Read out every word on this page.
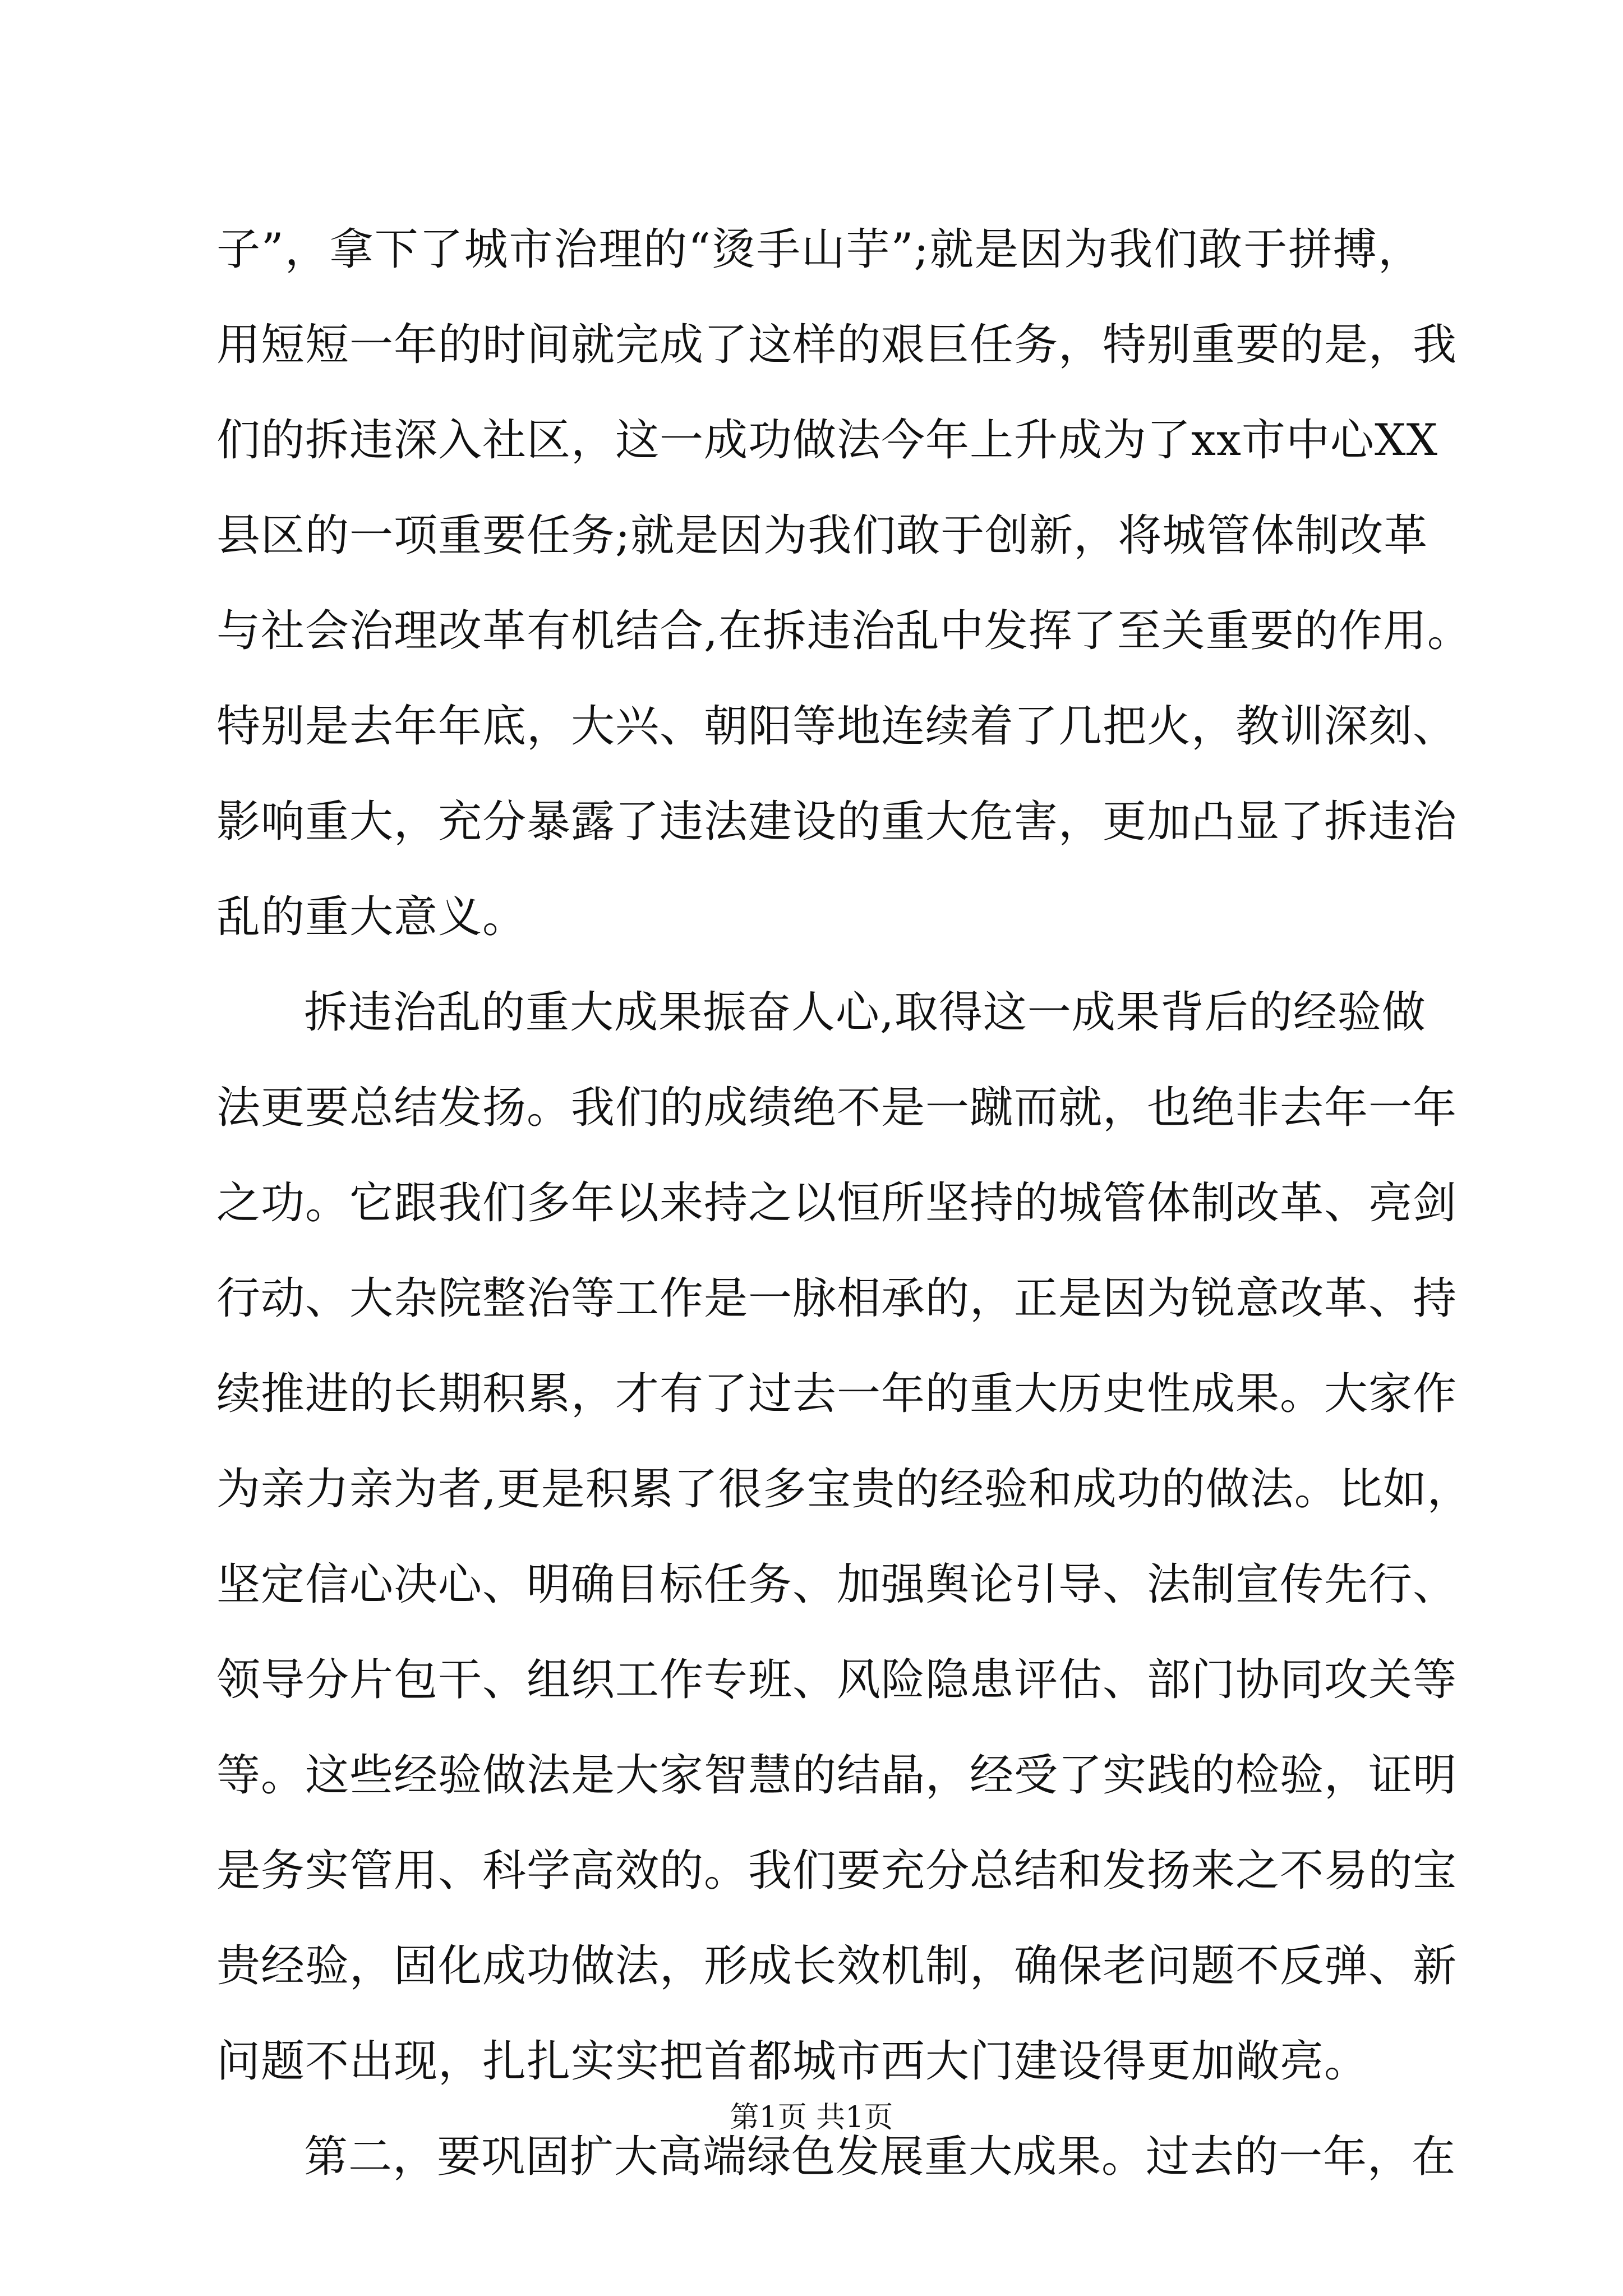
子”，拿下了城市治理的“烫手山芋”;就是因为我们敢于拼搏，
用短短一年的时间就完成了这样的艰巨任务，特别重要的是，我
们的拆违深入社区，这一成功做法今年上升成为了xx市中心XX
县区的一项重要任务;就是因为我们敢于创新，将城管体制改革
与社会治理改革有机结合,在拆违治乱中发挥了至关重要的作用。
特别是去年年底，大兴、朝阳等地连续着了几把火，教训深刻、
影响重大，充分暴露了违法建设的重大危害，更加凸显了拆违治
乱的重大意义。
拆违治乱的重大成果振奋人心,取得这一成果背后的经验做
法更要总结发扬。我们的成绩绝不是一蹴而就，也绝非去年一年
之功。它跟我们多年以来持之以恒所坚持的城管体制改革、亮剑
行动、大杂院整治等工作是一脉相承的，正是因为锐意改革、持
续推进的长期积累，才有了过去一年的重大历史性成果。大家作
为亲力亲为者,更是积累了很多宝贵的经验和成功的做法。比如，
坚定信心决心、明确目标任务、加强舆论引导、法制宣传先行、
领导分片包干、组织工作专班、风险隐患评估、部门协同攻关等
等。这些经验做法是大家智慧的结晶，经受了实践的检验，证明
是务实管用、科学高效的。我们要充分总结和发扬来之不易的宝
贵经验，固化成功做法，形成长效机制，确保老问题不反弹、新
问题不出现，扎扎实实把首都城市西大门建设得更加敞亮。
第二，要巩固扩大高端绿色发展重大成果。过去的一年，在
第1页 共1页
